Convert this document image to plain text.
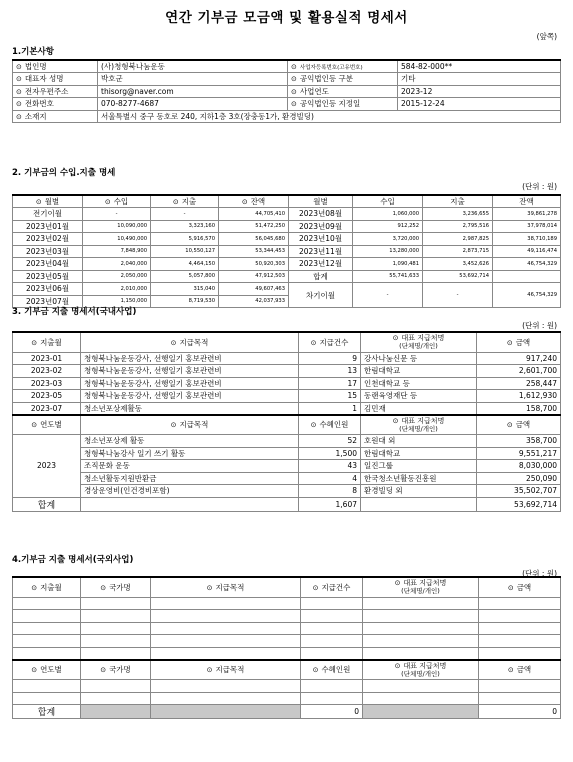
연간 기부금 모금액 및 활용실적 명세서
(앞쪽)
1.기본사항
⊙ 법인명	(사)청형북나눔운동	⊙ 사업자등록번호(고유번호)	584-82-000**
⊙ 대표자 성명	박호군	⊙ 공익법인등 구분	기타
⊙ 전자우편주소	thisorg@naver.com	⊙ 사업연도	2023-12
⊙ 전화번호	070-8277-4687	⊙ 공익법인등 지정일	2015-12-24
⊙ 소재지	서울특별시 중구 동호로 240, 지하1층 3호(장충동1가, 환경빌딩)		
2. 기부금의 수입.지출 명세
(단위 : 원)
⊙ 월별	⊙ 수입	⊙ 지출	⊙ 잔액	월별	수입	지출	잔액
전기이월	-	-	44,705,410	2023년08월	1,060,000	3,236,655	39,861,278
2023년01월	10,090,000	3,323,160	51,472,250	2023년09월	912,252	2,795,516	37,978,014
2023년02월	10,490,000	5,916,570	56,045,680	2023년10월	3,720,000	2,987,825	38,710,189
2023년03월	7,848,900	10,550,127	53,344,453	2023년11월	13,280,000	2,873,715	49,116,474
2023년04월	2,040,000	4,464,150	50,920,303	2023년12월	1,090,481	3,452,626	46,754,329
2023년05월	2,050,000	5,057,800	47,912,503	합계	55,741,633	53,692,714	
2023년06월	2,010,000	315,040	49,607,463	차기이월	-	-	46,754,329
2023년07월	1,150,000	8,719,530	42,037,933				
3. 기부금 지출 명세서(국내사업)
(단위 : 원)
⊙ 지출월	⊙ 지급목적	⊙ 지급건수	⊙ 대표 지급처명
(단체명/개인)	⊙ 금액
2023-01	청형북나눔운동강사, 선행일기 홍보관련비	9	강사나눔신문 등	917,240
2023-02	청형북나눔운동강사, 선행일기 홍보관련비	13	한림대학교	2,601,700
2023-03	청형북나눔운동강사, 선행일기 홍보관련비	17	인천대학교 등	258,447
2023-05	청형북나눔운동강사, 선행일기 홍보관련비	15	동랜육영재단 등	1,612,930
2023-07	청소년포상제활동	1	김민재	158,700
⊙ 연도별	⊙ 지급목적	⊙ 수혜인원	⊙ 대표 지급처명
(단체명/개인)	⊙ 금액
2023	청소년포상제 활동	52	호원대 외	358,700
	청형북나눔강사 일기 쓰기 활동	1,500	한림대학교	9,551,217
	조직문화 운동	43	일진그룹	8,030,000
	청소년활동지원반환금	4	한국청소년활동진흥원	250,090
	경상운영비(인건경비포함)	8	환경빌딩 외	35,502,707
합계		1,607		53,692,714
4.기부금 지출 명세서(국외사업)
(단위 : 원)
⊙ 지출월	⊙ 국가명	⊙ 지급목적	⊙ 지급건수	⊙ 대표 지급처명
(단체명/개인)	⊙ 금액

⊙ 연도별	⊙ 국가명	⊙ 지급목적	⊙ 수혜인원	⊙ 대표 지급처명
(단체명/개인)	⊙ 금액

합계			0		0
